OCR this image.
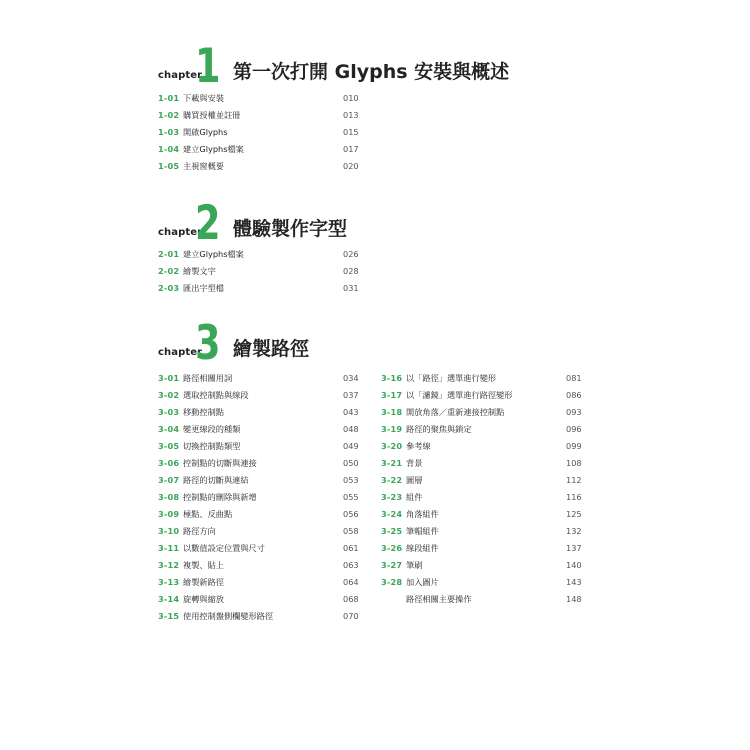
chapter
1 第一次打開 Glyphs 安裝與概述
1-01 下載與安裝	010
1-02 購買授權並註冊	013
1-03 開啟Glyphs	015
1-04 建立Glyphs檔案	017
1-05 主視窗概要	020
chapter
2 體驗製作字型
2-01 建立Glyphs檔案	026
2-02 繪製文字	028
2-03 匯出字型檔	031
chapter
3 繪製路徑
3-01 路徑相關用詞	034
3-02 選取控制點與線段	037
3-03 移動控制點	043
3-04 變更線段的種類	048
3-05 切換控制點類型	049
3-06 控制點的切斷與連接	050
3-07 路徑的切斷與連結	053
3-08 控制點的刪除與新增	055
3-09 極點、反曲點	056
3-10 路徑方向	058
3-11 以數值設定位置與尺寸	061
3-12 複製、貼上	063
3-13 繪製新路徑	064
3-14 旋轉與縮放	068
3-15 使用控制盤側欄變形路徑	070
3-16 以「路徑」選單進行變形	081
3-17 以「濾鏡」選單進行路徑變形	086
3-18 開放角落／重新連接控制點	093
3-19 路徑的聚焦與鎖定	096
3-20 參考線	099
3-21 背景	108
3-22 圖層	112
3-23 組件	116
3-24 角落組件	125
3-25 筆帽組件	132
3-26 線段組件	137
3-27 筆刷	140
3-28 加入圖片	143
路徑相關主要操作	148
